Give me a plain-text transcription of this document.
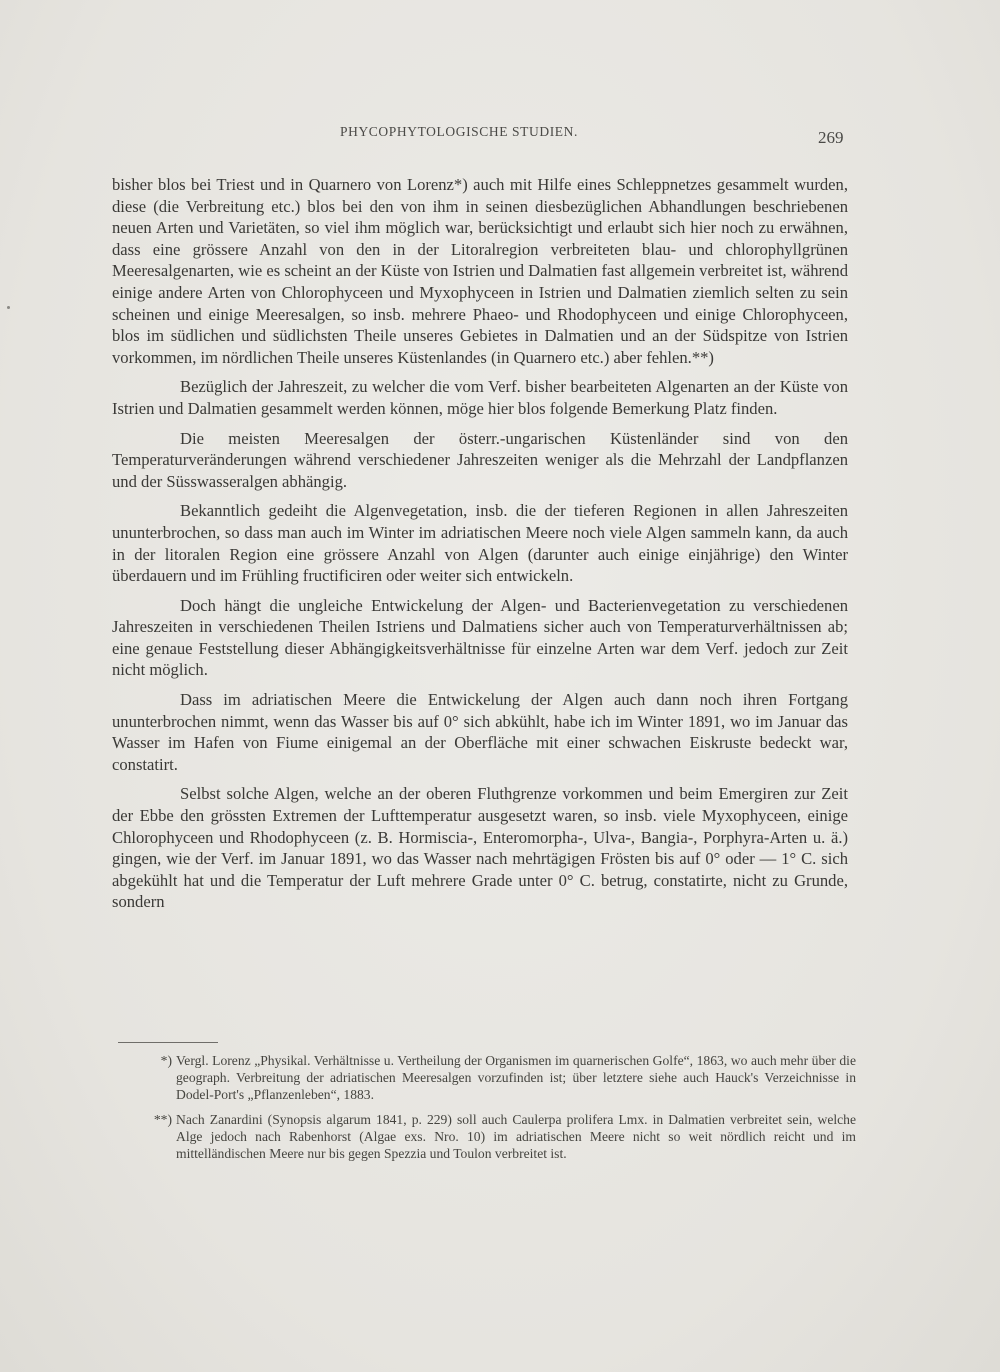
PHYCOPHYTOLOGISCHE STUDIEN.	269

bisher blos bei Triest und in Quarnero von Lorenz*) auch mit Hilfe eines Schleppnetzes gesammelt wurden, diese (die Verbreitung etc.) blos bei den von ihm in seinen diesbezüglichen Abhandlungen beschriebenen neuen Arten und Varietäten, so viel ihm möglich war, berücksichtigt und erlaubt sich hier noch zu erwähnen, dass eine grössere Anzahl von den in der Litoralregion verbreiteten blau- und chlorophyllgrünen Meeresalgenarten, wie es scheint an der Küste von Istrien und Dalmatien fast allgemein verbreitet ist, während einige andere Arten von Chlorophyceen und Myxophyceen in Istrien und Dalmatien ziemlich selten zu sein scheinen und einige Meeresalgen, so insb. mehrere Phaeo- und Rhodophyceen und einige Chlorophyceen, blos im südlichen und südlichsten Theile unseres Gebietes in Dalmatien und an der Südspitze von Istrien vorkommen, im nördlichen Theile unseres Küstenlandes (in Quarnero etc.) aber fehlen.**)

Bezüglich der Jahreszeit, zu welcher die vom Verf. bisher bearbeiteten Algenarten an der Küste von Istrien und Dalmatien gesammelt werden können, möge hier blos folgende Bemerkung Platz finden.

Die meisten Meeresalgen der österr.-ungarischen Küstenländer sind von den Temperaturveränderungen während verschiedener Jahreszeiten weniger als die Mehrzahl der Landpflanzen und der Süsswasseralgen abhängig.

Bekanntlich gedeiht die Algenvegetation, insb. die der tieferen Regionen in allen Jahreszeiten ununterbrochen, so dass man auch im Winter im adriatischen Meere noch viele Algen sammeln kann, da auch in der litoralen Region eine grössere Anzahl von Algen (darunter auch einige einjährige) den Winter überdauern und im Frühling fructificiren oder weiter sich entwickeln.

Doch hängt die ungleiche Entwickelung der Algen- und Bacterienvegetation zu verschiedenen Jahreszeiten in verschiedenen Theilen Istriens und Dalmatiens sicher auch von Temperaturverhältnissen ab; eine genaue Feststellung dieser Abhängigkeitsverhältnisse für einzelne Arten war dem Verf. jedoch zur Zeit nicht möglich.

Dass im adriatischen Meere die Entwickelung der Algen auch dann noch ihren Fortgang ununterbrochen nimmt, wenn das Wasser bis auf 0° sich abkühlt, habe ich im Winter 1891, wo im Januar das Wasser im Hafen von Fiume einigemal an der Oberfläche mit einer schwachen Eiskruste bedeckt war, constatirt.

Selbst solche Algen, welche an der oberen Fluthgrenze vorkommen und beim Emergiren zur Zeit der Ebbe den grössten Extremen der Lufttemperatur ausgesetzt waren, so insb. viele Myxophyceen, einige Chlorophyceen und Rhodophyceen (z. B. Hormiscia-, Enteromorpha-, Ulva-, Bangia-, Porphyra-Arten u. ä.) gingen, wie der Verf. im Januar 1891, wo das Wasser nach mehrtägigen Frösten bis auf 0° oder — 1° C. sich abgekühlt hat und die Temperatur der Luft mehrere Grade unter 0° C. betrug, constatirte, nicht zu Grunde, sondern

*) Vergl. Lorenz „Physikal. Verhältnisse u. Vertheilung der Organismen im quarnerischen Golfe“, 1863, wo auch mehr über die geograph. Verbreitung der adriatischen Meeresalgen vorzufinden ist; über letztere siehe auch Hauck's Verzeichnisse in Dodel-Port's „Pflanzenleben“, 1883.
**) Nach Zanardini (Synopsis algarum 1841, p. 229) soll auch Caulerpa prolifera Lmx. in Dalmatien verbreitet sein, welche Alge jedoch nach Rabenhorst (Algae exs. Nro. 10) im adriatischen Meere nicht so weit nördlich reicht und im mittelländischen Meere nur bis gegen Spezzia und Toulon verbreitet ist.
